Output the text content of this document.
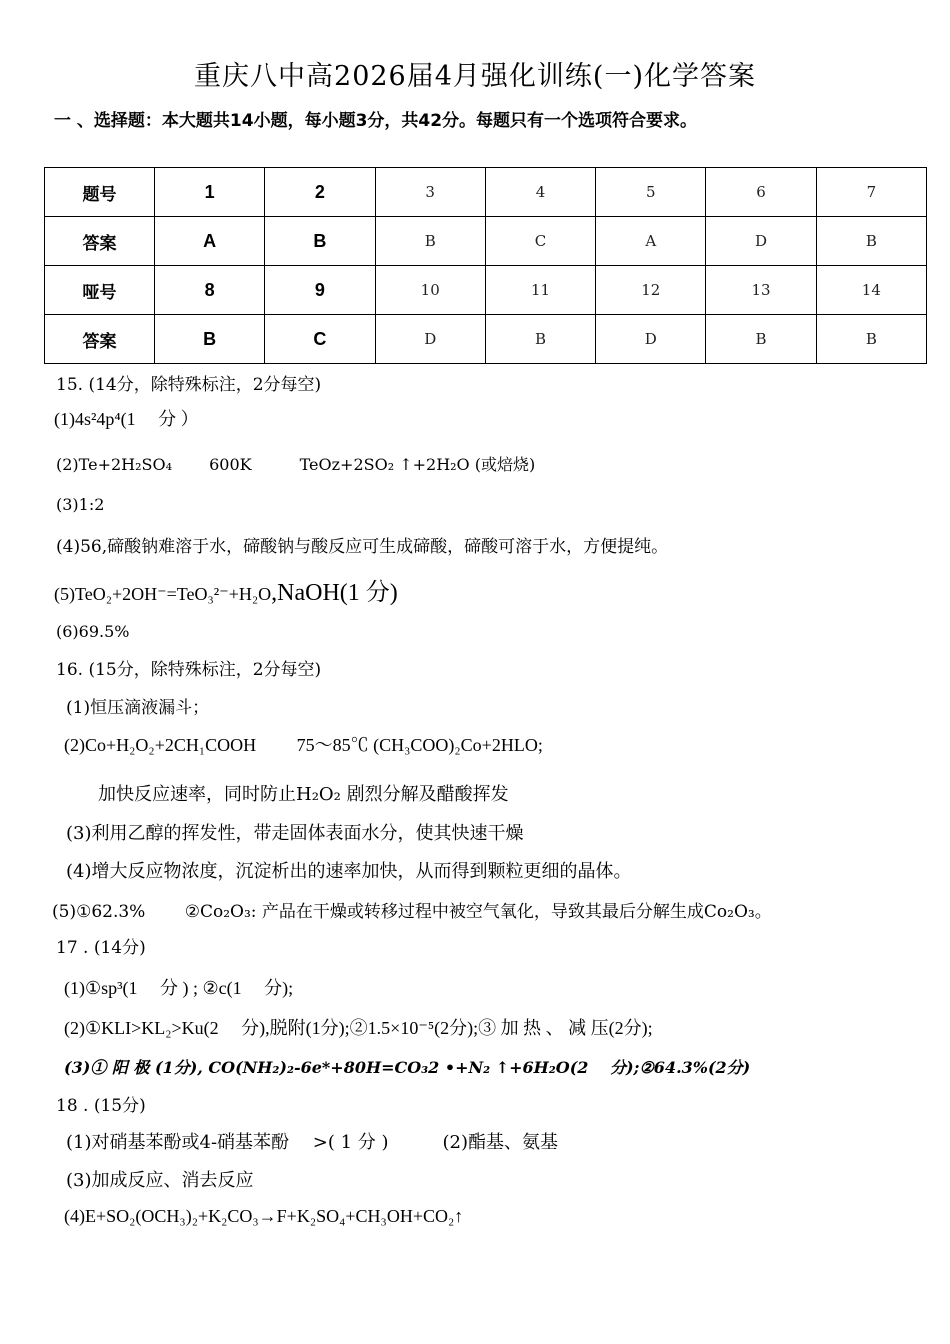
重庆八中高2026届4月强化训练(一)化学答案
一 、选择题：本大题共14小题，每小题3分，共42分。每题只有一个选项符合要求。
题号	1	2	3	4	5	6	7
答案	A	B	B	C	A	D	B
哑号	8	9	10	11	12	13	14
答案	B	C	D	B	D	B	B
15. (14分，除特殊标注，2分每空)
(1)4s²4p⁴(1　 分 ）
(2)Te+2H₂SO₄　　 600K　　　TeOz+2SO₂ ↑+2H₂O (或焙烧)
(3)1:2
(4)56,碲酸钠难溶于水，碲酸钠与酸反应可生成碲酸，碲酸可溶于水，方便提纯。
(5)TeO₂+2OH⁻=TeO₃²⁻+H₂O,NaOH(1 分)
(6)69.5%
16. (15分，除特殊标注，2分每空)
(1)恒压滴液漏斗；
(2)Co+H₂O₂+2CH₁COOH　　 75～85℃ (CH₃COO)₂Co+2HLO;
加快反应速率，同时防止H₂O₂ 剧烈分解及醋酸挥发
(3)利用乙醇的挥发性，带走固体表面水分，使其快速干燥
(4)增大反应物浓度，沉淀析出的速率加快，从而得到颗粒更细的晶体。
(5)①62.3%　　 ②Co₂O₃: 产品在干燥或转移过程中被空气氧化，导致其最后分解生成Co₂O₃。
17 . (14分)
(1)①sp³(1　 分 ) ; ②c(1　 分);
(2)①KLI>KL₂>Ku(2　 分),脱附(1分);②1.5×10⁻⁵(2分);③ 加 热 、 减 压(2分);
(3)① 阳 极 (1分), CO(NH₂)₂-6e*+80H=CO₃2 •+N₂ ↑+6H₂O(2　 分);②64.3%(2分)
18 . (15分)
(1)对硝基苯酚或4-硝基苯酚　 >( 1 分 )　　　(2)酯基、氨基
(3)加成反应、消去反应
(4)E+SO₂(OCH₃)₂+K₂CO₃→F+K₂SO₄+CH₃OH+CO₂↑
